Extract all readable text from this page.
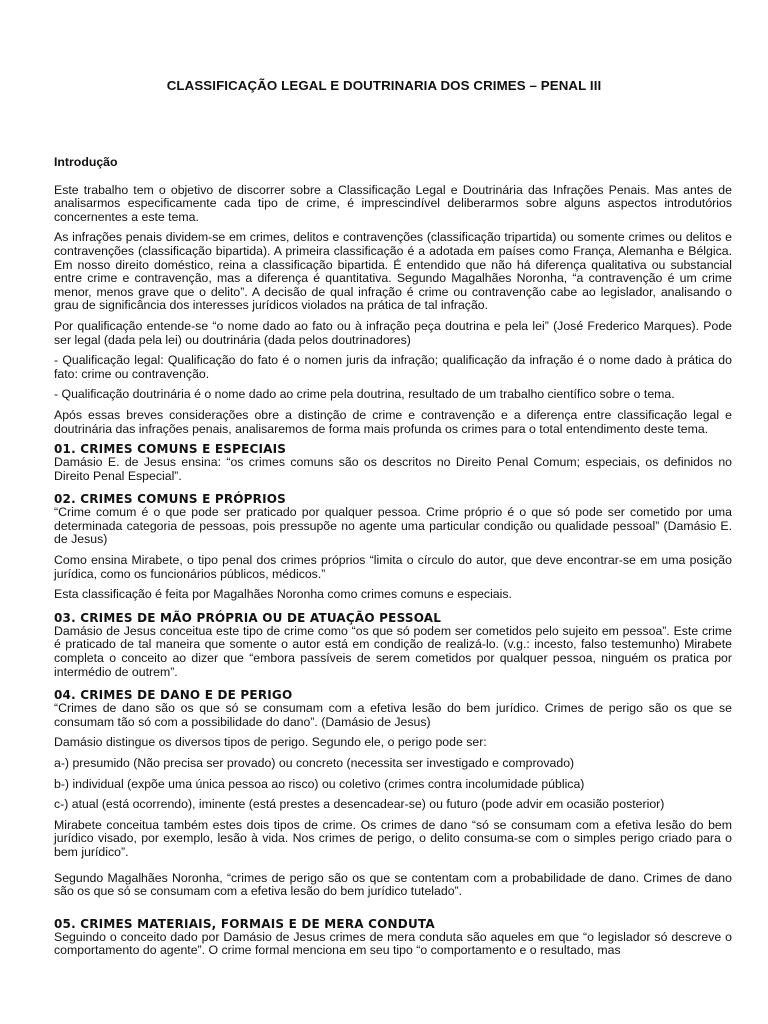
CLASSIFICAÇÃO LEGAL E DOUTRINARIA DOS CRIMES – PENAL III

Introdução

Este trabalho tem o objetivo de discorrer sobre a Classificação Legal e Doutrinária das Infrações Penais. Mas antes de analisarmos especificamente cada tipo de crime, é imprescindível deliberarmos sobre alguns aspectos introdutórios concernentes a este tema.

As infrações penais dividem-se em crimes, delitos e contravenções (classificação tripartida) ou somente crimes ou delitos e contravenções (classificação bipartida). A primeira classificação é a adotada em países como França, Alemanha e Bélgica. Em nosso direito doméstico, reina a classificação bipartida. É entendido que não há diferença qualitativa ou substancial entre crime e contravenção, mas a diferença é quantitativa. Segundo Magalhães Noronha, “a contravenção é um crime menor, menos grave que o delito”. A decisão de qual infração é crime ou contravenção cabe ao legislador, analisando o grau de significância dos interesses jurídicos violados na prática de tal infração.

Por qualificação entende-se “o nome dado ao fato ou à infração peça doutrina e pela lei” (José Frederico Marques). Pode ser legal (dada pela lei) ou doutrinária (dada pelos doutrinadores)

- Qualificação legal: Qualificação do fato é o nomen juris da infração; qualificação da infração é o nome dado à prática do fato: crime ou contravenção.

- Qualificação doutrinária é o nome dado ao crime pela doutrina, resultado de um trabalho científico sobre o tema.

Após essas breves considerações obre a distinção de crime e contravenção e a diferença entre classificação legal e doutrinária das infrações penais, analisaremos de forma mais profunda os crimes para o total entendimento deste tema.

01. CRIMES COMUNS E ESPECIAIS

Damásio E. de Jesus ensina: “os crimes comuns são os descritos no Direito Penal Comum; especiais, os definidos no Direito Penal Especial”.

02. CRIMES COMUNS E PRÓPRIOS

“Crime comum é o que pode ser praticado por qualquer pessoa. Crime próprio é o que só pode ser cometido por uma determinada categoria de pessoas, pois pressupõe no agente uma particular condição ou qualidade pessoal” (Damásio E. de Jesus)

Como ensina Mirabete, o tipo penal dos crimes próprios “limita o círculo do autor, que deve encontrar-se em uma posição jurídica, como os funcionários públicos, médicos.”

Esta classificação é feita por Magalhães Noronha como crimes comuns e especiais.

03. CRIMES DE MÃO PRÓPRIA OU DE ATUAÇÃO PESSOAL

Damásio de Jesus conceitua este tipo de crime como “os que só podem ser cometidos pelo sujeito em pessoa”. Este crime é praticado de tal maneira que somente o autor está em condição de realizá-lo. (v.g.: incesto, falso testemunho) Mirabete completa o conceito ao dizer que “embora passíveis de serem cometidos por qualquer pessoa, ninguém os pratica por intermédio de outrem”.

04. CRIMES DE DANO E DE PERIGO

“Crimes de dano são os que só se consumam com a efetiva lesão do bem jurídico. Crimes de perigo são os que se consumam tão só com a possibilidade do dano”. (Damásio de Jesus)

Damásio distingue os diversos tipos de perigo. Segundo ele, o perigo pode ser:

a-) presumido (Não precisa ser provado) ou concreto (necessita ser investigado e comprovado)

b-) individual (expõe uma única pessoa ao risco) ou coletivo (crimes contra incolumidade pública)

c-) atual (está ocorrendo), iminente (está prestes a desencadear-se) ou futuro (pode advir em ocasião posterior)

Mirabete conceitua também estes dois tipos de crime. Os crimes de dano “só se consumam com a efetiva lesão do bem jurídico visado, por exemplo, lesão à vida. Nos crimes de perigo, o delito consuma-se com o simples perigo criado para o bem jurídico”.

Segundo Magalhães Noronha, “crimes de perigo são os que se contentam com a probabilidade de dano. Crimes de dano são os que só se consumam com a efetiva lesão do bem jurídico tutelado”.

05. CRIMES MATERIAIS, FORMAIS E DE MERA CONDUTA

Seguindo o conceito dado por Damásio de Jesus crimes de mera conduta são aqueles em que “o legislador só descreve o comportamento do agente”. O crime formal menciona em seu tipo “o comportamento e o resultado, mas
